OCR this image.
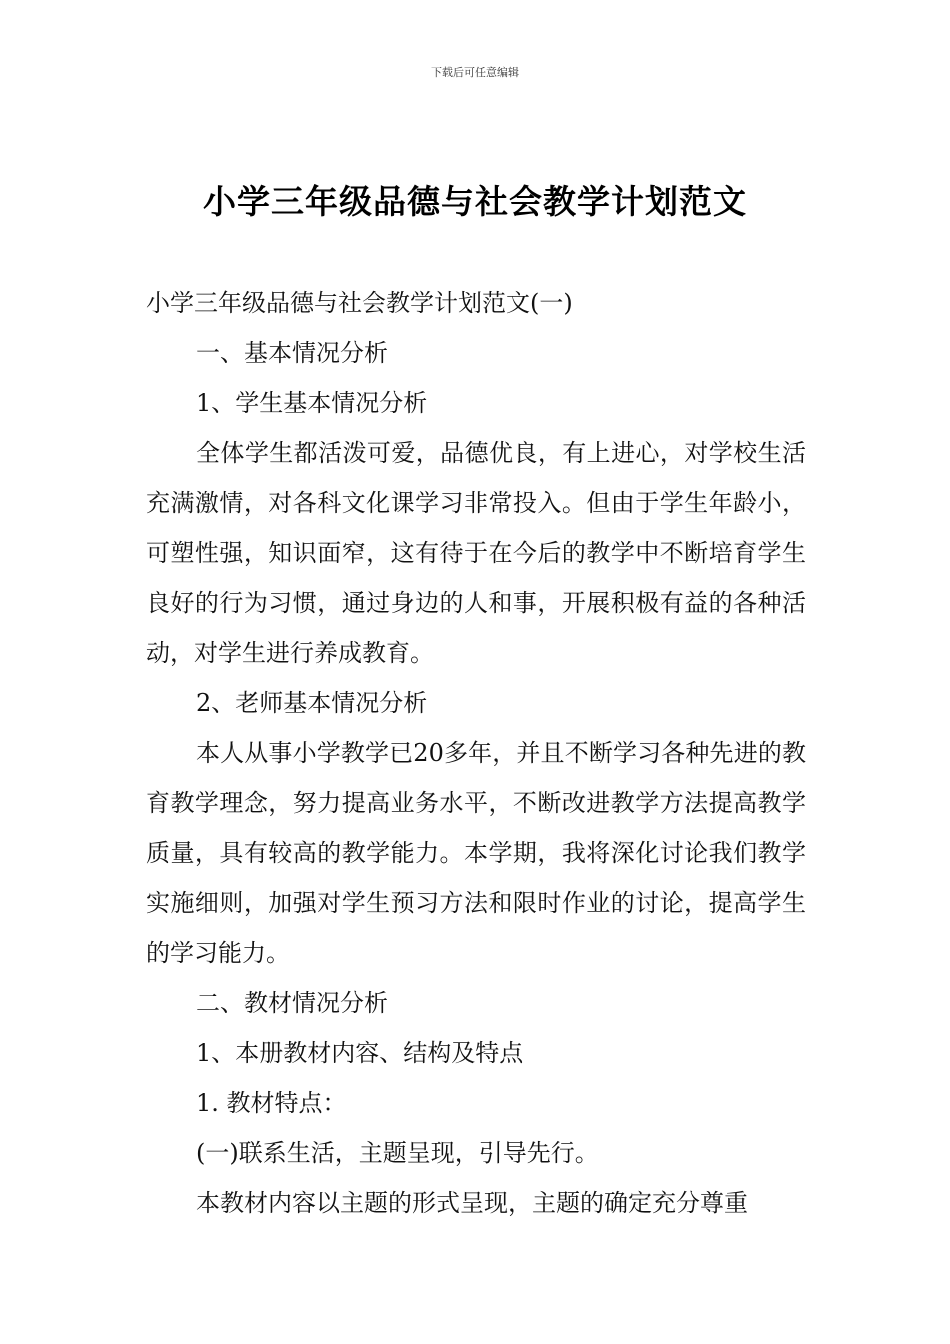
下载后可任意编辑
小学三年级品德与社会教学计划范文
小学三年级品德与社会教学计划范文(一)
一、基本情况分析
1、学生基本情况分析

全体学生都活泼可爱，品德优良，有上进心，对学校生活充满激情，对各科文化课学习非常投入。但由于学生年龄小，可塑性强，知识面窄，这有待于在今后的教学中不断培育学生良好的行为习惯，通过身边的人和事，开展积极有益的各种活动，对学生进行养成教育。

2、老师基本情况分析

本人从事小学教学已20多年，并且不断学习各种先进的教育教学理念，努力提高业务水平，不断改进教学方法提高教学质量，具有较高的教学能力。本学期，我将深化讨论我们教学实施细则，加强对学生预习方法和限时作业的讨论，提高学生的学习能力。

二、教材情况分析
1、本册教材内容、结构及特点
1. 教材特点：
(一)联系生活，主题呈现，引导先行。
本教材内容以主题的形式呈现，主题的确定充分尊重
